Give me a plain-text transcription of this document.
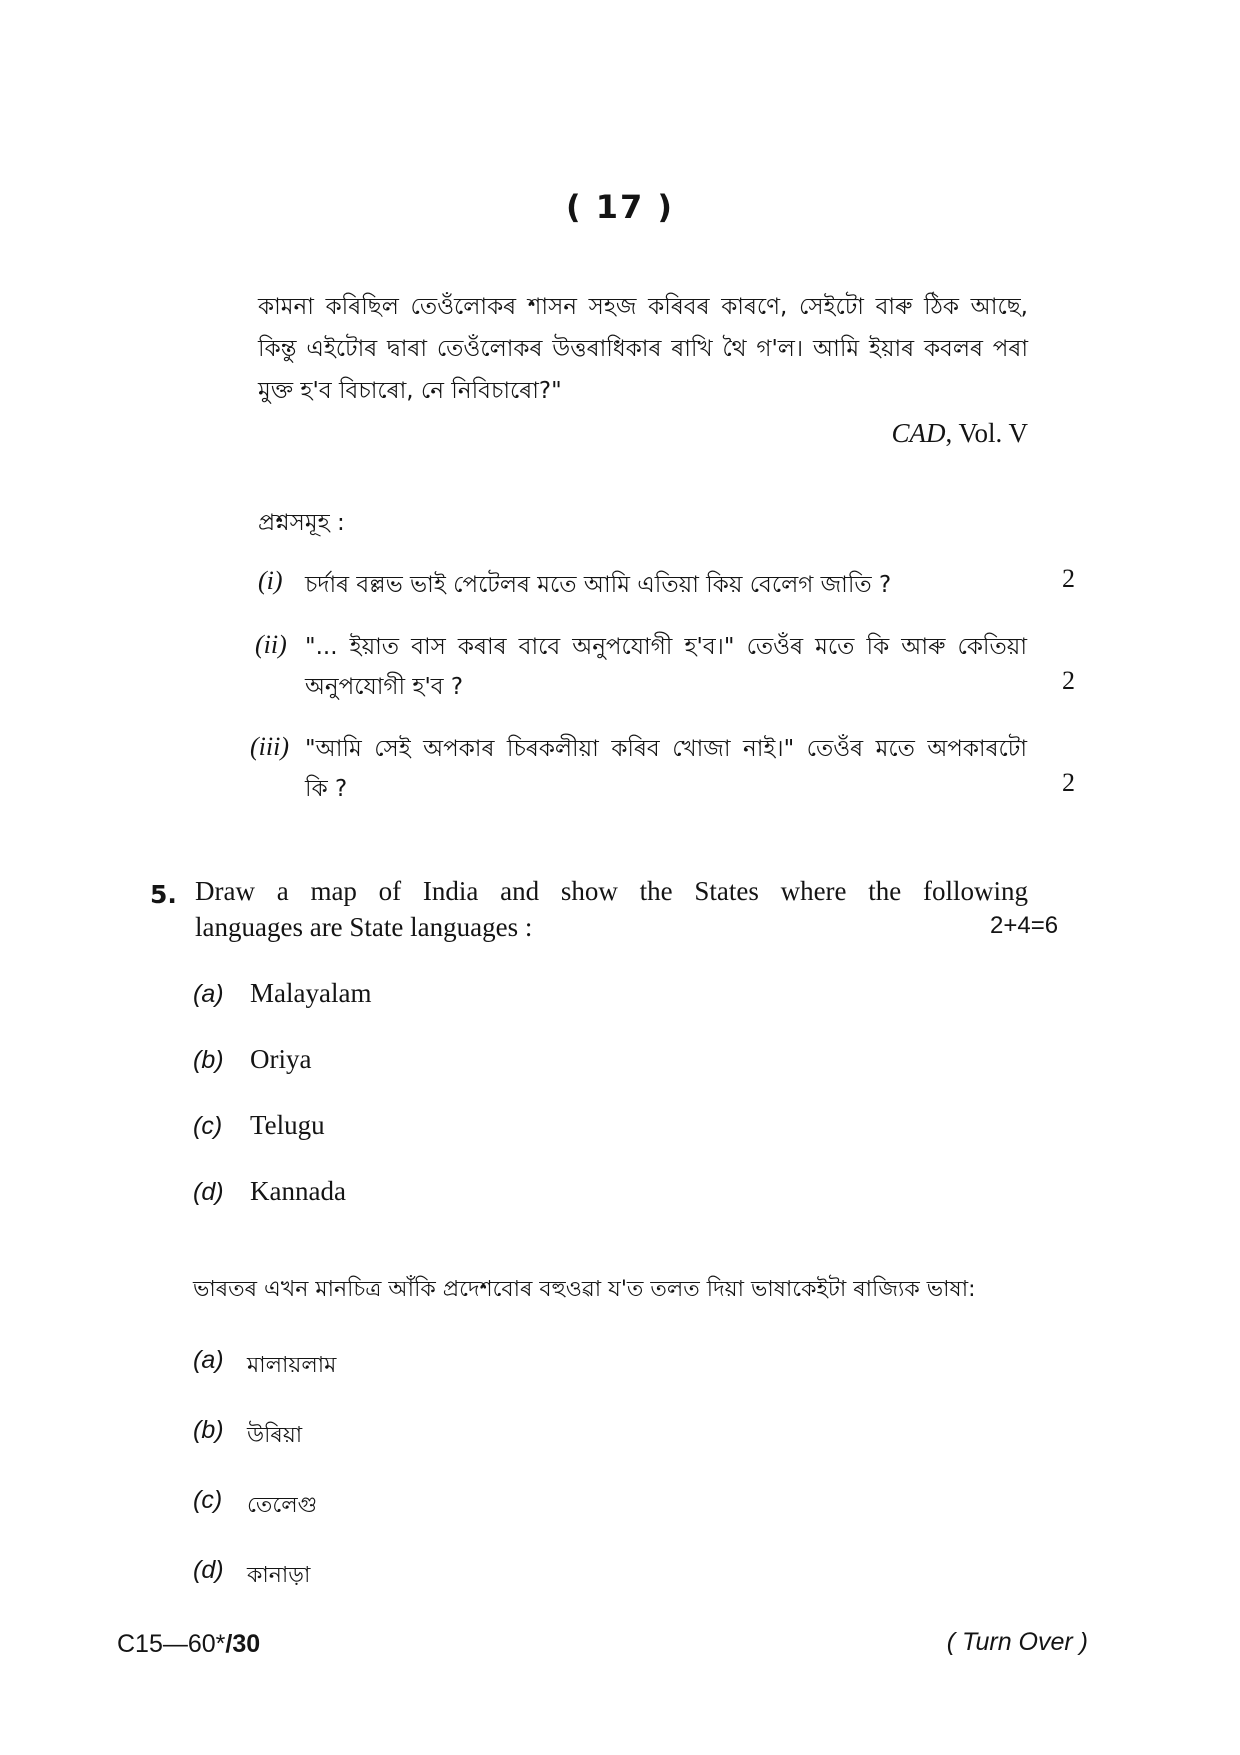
( 17 )
কামনা কৰিছিল তেওঁলোকৰ শাসন সহজ কৰিবৰ কাৰণে, সেইটো বাৰু ঠিক আছে,
কিন্তু এইটোৰ দ্বাৰা তেওঁলোকৰ উত্তৰাধিকাৰ ৰাখি থৈ গ'ল। আমি ইয়াৰ কবলৰ পৰা
মুক্ত হ'ব বিচাৰো, নে নিবিচাৰো?"
CAD, Vol. V
প্ৰশ্নসমূহ :
(i) চৰ্দাৰ বল্লভ ভাই পেটেলৰ মতে আমি এতিয়া কিয় বেলেগ জাতি ?	2
(ii) "... ইয়াত বাস কৰাৰ বাবে অনুপযোগী হ'ব।" তেওঁৰ মতে কি আৰু কেতিয়া
অনুপযোগী হ'ব ?	2
(iii) "আমি সেই অপকাৰ চিৰকলীয়া কৰিব খোজা নাই।" তেওঁৰ মতে অপকাৰটো
কি ?	2
5. Draw a map of India and show the States where the following
languages are State languages :	2+4=6
(a) Malayalam
(b) Oriya
(c) Telugu
(d) Kannada
ভাৰতৰ এখন মানচিত্ৰ আঁকি প্ৰদেশবোৰ বহুওৱা য'ত তলত দিয়া ভাষাকেইটা ৰাজ্যিক ভাষা:
(a) মালায়লাম
(b) উৰিয়া
(c) তেলেগু
(d) কানাড়া
C15—60*/30	( Turn Over )
